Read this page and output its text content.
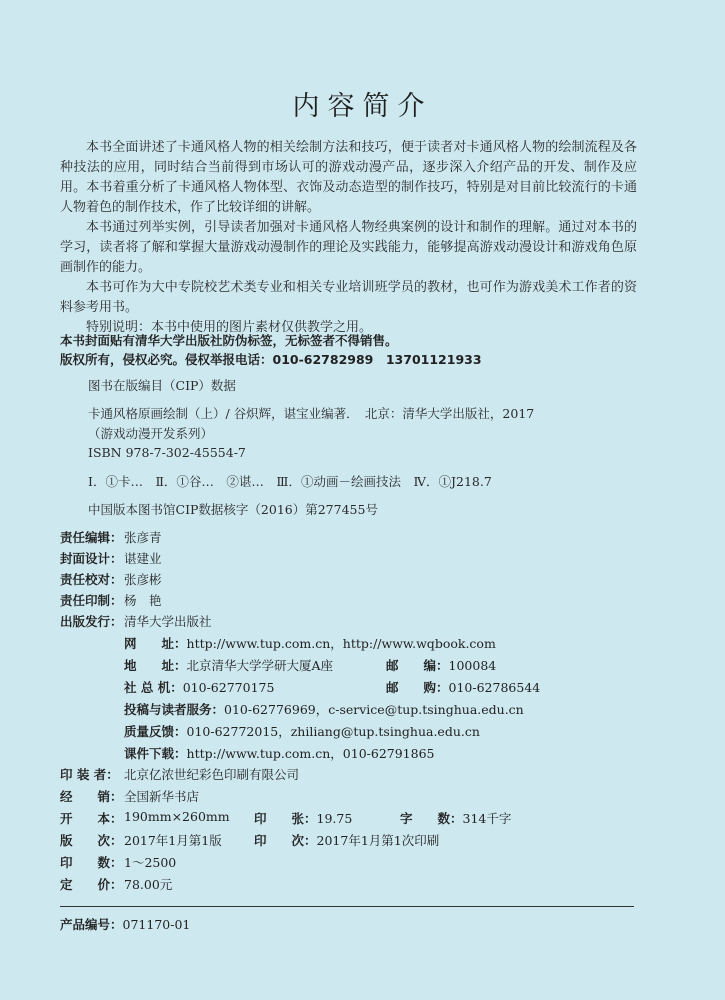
内容简介

本书全面讲述了卡通风格人物的相关绘制方法和技巧，便于读者对卡通风格人物的绘制流程及各种技法的应用，同时结合当前得到市场认可的游戏动漫产品，逐步深入介绍产品的开发、制作及应用。本书着重分析了卡通风格人物体型、衣饰及动态造型的制作技巧，特别是对目前比较流行的卡通人物着色的制作技术，作了比较详细的讲解。

本书通过列举实例，引导读者加强对卡通风格人物经典案例的设计和制作的理解。通过对本书的学习，读者将了解和掌握大量游戏动漫制作的理论及实践能力，能够提高游戏动漫设计和游戏角色原画制作的能力。

本书可作为大中专院校艺术类专业和相关专业培训班学员的教材，也可作为游戏美术工作者的资料参考用书。

特别说明：本书中使用的图片素材仅供教学之用。

本书封面贴有清华大学出版社防伪标签，无标签者不得销售。
版权所有，侵权必究。侵权举报电话：010-62782989　13701121933
图书在版编目（CIP）数据
卡通风格原画绘制（上）/ 谷炽辉，谌宝业编著．　北京：清华大学出版社，2017
（游戏动漫开发系列）
ISBN 978-7-302-45554-7
Ⅰ．①卡…　Ⅱ．①谷…　②谌…　Ⅲ．①动画－绘画技法　Ⅳ．①J218.7
中国版本图书馆CIP数据核字（2016）第277455号
责任编辑： 张彦青
封面设计： 谌建业
责任校对： 张彦彬
责任印制： 杨　艳
出版发行： 清华大学出版社
网　　址：http://www.tup.com.cn，http://www.wqbook.com
地　　址：北京清华大学学研大厦A座	邮　　编：100084
社 总 机：010-62770175	邮　　购：010-62786544
投稿与读者服务：010-62776969，c-service@tup.tsinghua.edu.cn
质量反馈：010-62772015，zhiliang@tup.tsinghua.edu.cn
课件下载：http://www.tup.com.cn，010-62791865
印 装 者： 北京亿浓世纪彩色印刷有限公司
经　　销： 全国新华书店
开　　本： 190mm×260mm 印　　张：19.75	字　　数：314千字
版　　次： 2017年1月第1版	印　　次：2017年1月第1次印刷
印　　数： 1～2500
定　　价： 78.00元
产品编号：071170-01
